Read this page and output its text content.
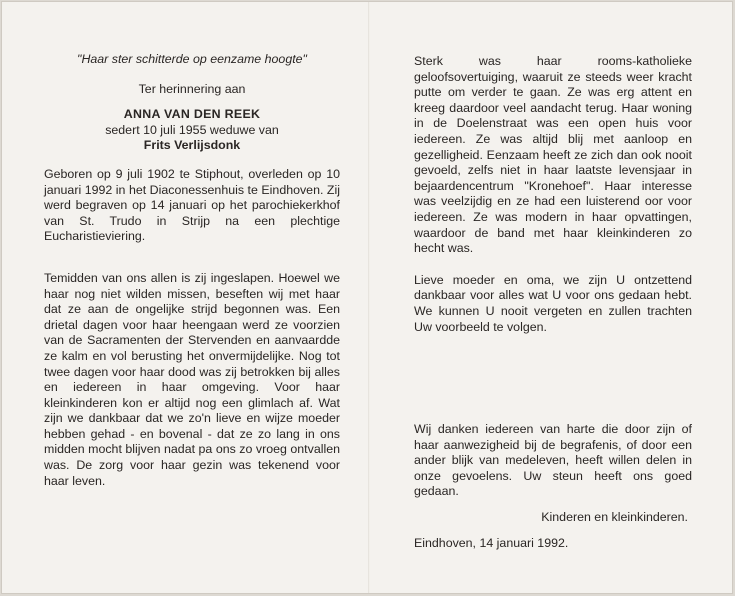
"Haar ster schitterde op eenzame hoogte"

Ter herinnering aan

ANNA VAN DEN REEK

sedert 10 juli 1955 weduwe van

Frits Verlijsdonk

Geboren op 9 juli 1902 te Stiphout, overleden op 10 januari 1992 in het Diaconessenhuis te Eindhoven. Zij werd begraven op 14 januari op het parochiekerkhof van St. Trudo in Strijp na een plechtige Eucharistieviering.

Temidden van ons allen is zij ingeslapen. Hoewel we haar nog niet wilden missen, beseften wij met haar dat ze aan de ongelijke strijd begonnen was. Een drietal dagen voor haar heengaan werd ze voorzien van de Sacramenten der Stervenden en aanvaardde ze kalm en vol berusting het onvermijdelijke. Nog tot twee dagen voor haar dood was zij betrokken bij alles en iedereen in haar omgeving. Voor haar kleinkinderen kon er altijd nog een glimlach af. Wat zijn we dankbaar dat we zo'n lieve en wijze moeder hebben gehad - en bovenal - dat ze zo lang in ons midden mocht blijven nadat pa ons zo vroeg ontvallen was. De zorg voor haar gezin was tekenend voor haar leven.

Sterk was haar rooms-katholieke geloofsovertuiging, waaruit ze steeds weer kracht putte om verder te gaan. Ze was erg attent en kreeg daardoor veel aandacht terug. Haar woning in de Doelenstraat was een open huis voor iedereen. Ze was altijd blij met aanloop en gezelligheid. Eenzaam heeft ze zich dan ook nooit gevoeld, zelfs niet in haar laatste levensjaar in bejaardencentrum "Kronehoef". Haar interesse was veelzijdig en ze had een luisterend oor voor iedereen. Ze was modern in haar opvattingen, waardoor de band met haar kleinkinderen zo hecht was.

Lieve moeder en oma, we zijn U ontzettend dankbaar voor alles wat U voor ons gedaan hebt. We kunnen U nooit vergeten en zullen trachten Uw voorbeeld te volgen.

Wij danken iedereen van harte die door zijn of haar aanwezigheid bij de begrafenis, of door een ander blijk van medeleven, heeft willen delen in onze gevoelens. Uw steun heeft ons goed gedaan.

Kinderen en kleinkinderen.

Eindhoven, 14 januari 1992.
